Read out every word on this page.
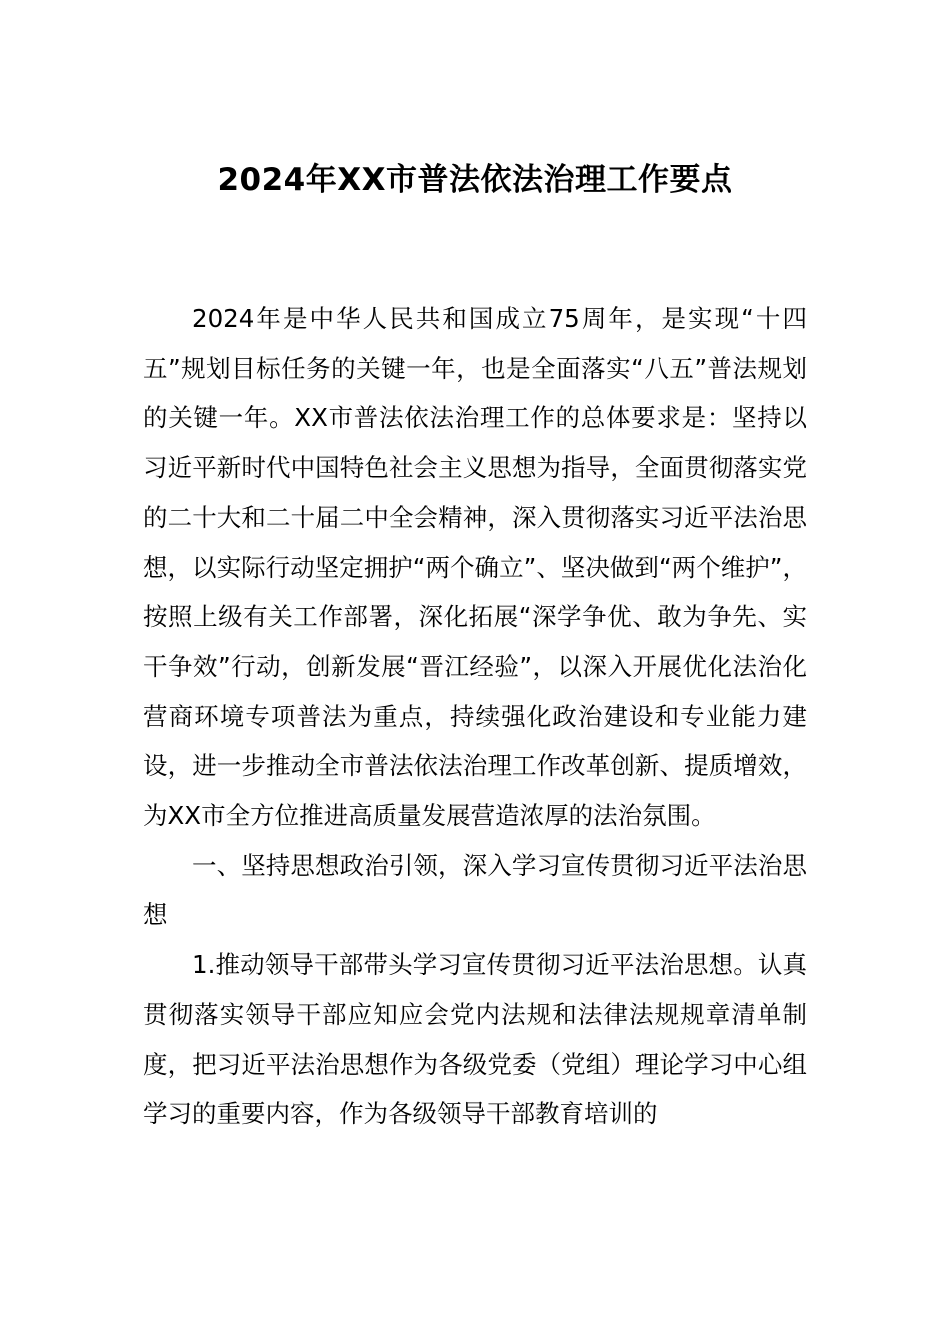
2024年XX市普法依法治理工作要点

2024年是中华人民共和国成立75周年，是实现“十四五”规划目标任务的关键一年，也是全面落实“八五”普法规划的关键一年。XX市普法依法治理工作的总体要求是：坚持以习近平新时代中国特色社会主义思想为指导，全面贯彻落实党的二十大和二十届二中全会精神，深入贯彻落实习近平法治思想，以实际行动坚定拥护“两个确立”、坚决做到“两个维护”，按照上级有关工作部署，深化拓展“深学争优、敢为争先、实干争效”行动，创新发展“晋江经验”，以深入开展优化法治化营商环境专项普法为重点，持续强化政治建设和专业能力建设，进一步推动全市普法依法治理工作改革创新、提质增效，为XX市全方位推进高质量发展营造浓厚的法治氛围。

一、坚持思想政治引领，深入学习宣传贯彻习近平法治思想

1.推动领导干部带头学习宣传贯彻习近平法治思想。认真贯彻落实领导干部应知应会党内法规和法律法规规章清单制度，把习近平法治思想作为各级党委（党组）理论学习中心组学习的重要内容，作为各级领导干部教育培训的
